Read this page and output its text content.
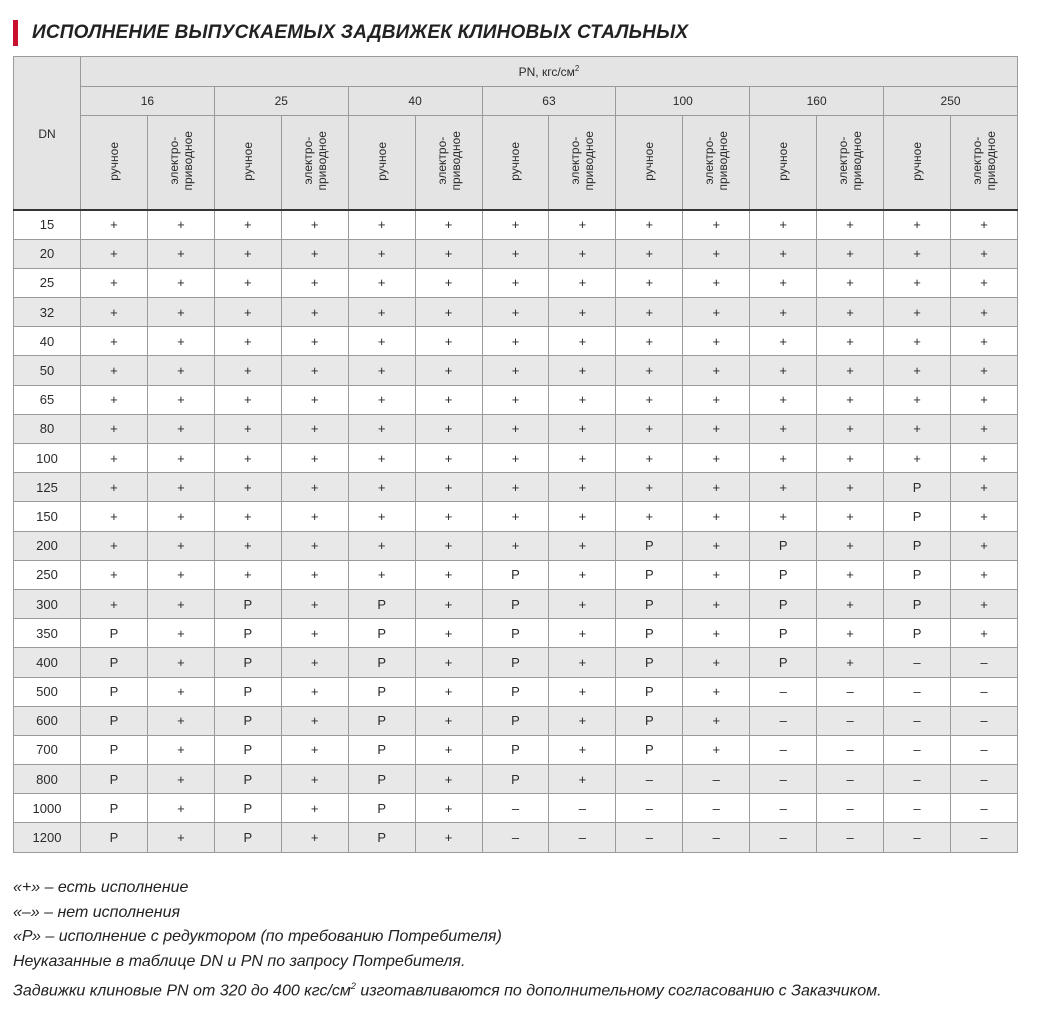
ИСПОЛНЕНИЕ ВЫПУСКАЕМЫХ ЗАДВИЖЕК КЛИНОВЫХ СТАЛЬНЫХ
DN	PN, кгс/$см^2$
	16		25		40		63		100		160		250	
	ручное	электро-
приводное	ручное	электро-
приводное	ручное	электро-
приводное	ручное	электро-
приводное	ручное	электро-
приводное	ручное	электро-
приводное	ручное	электро-
приводное
15	+	+	+	+	+	+	+	+	+	+	+	+	+	+
20	+	+	+	+	+	+	+	+	+	+	+	+	+	+
25	+	+	+	+	+	+	+	+	+	+	+	+	+	+
32	+	+	+	+	+	+	+	+	+	+	+	+	+	+
40	+	+	+	+	+	+	+	+	+	+	+	+	+	+
50	+	+	+	+	+	+	+	+	+	+	+	+	+	+
65	+	+	+	+	+	+	+	+	+	+	+	+	+	+
80	+	+	+	+	+	+	+	+	+	+	+	+	+	+
100	+	+	+	+	+	+	+	+	+	+	+	+	+	+
125	+	+	+	+	+	+	+	+	+	+	+	+	Р	+
150	+	+	+	+	+	+	+	+	+	+	+	+	Р	+
200	+	+	+	+	+	+	+	+	Р	+	Р	+	Р	+
250	+	+	+	+	+	+	Р	+	Р	+	Р	+	Р	+
300	+	+	Р	+	Р	+	Р	+	Р	+	Р	+	Р	+
350	Р	+	Р	+	Р	+	Р	+	Р	+	Р	+	Р	+
400	Р	+	Р	+	Р	+	Р	+	Р	+	Р	+	–	–
500	Р	+	Р	+	Р	+	Р	+	Р	+	–	–	–	–
600	Р	+	Р	+	Р	+	Р	+	Р	+	–	–	–	–
700	Р	+	Р	+	Р	+	Р	+	Р	+	–	–	–	–
800	Р	+	Р	+	Р	+	Р	+	–	–	–	–	–	–
1000	Р	+	Р	+	Р	+	–	–	–	–	–	–	–	–
1200	Р	+	Р	+	Р	+	–	–	–	–	–	–	–	–
«+» – есть исполнение
«–» – нет исполнения
«Р» – исполнение с редуктором (по требованию Потребителя)
Неуказанные в таблице DN и PN по запросу Потребителя.
Задвижки клиновые PN от 320 до 400 кгс/$см^2$ изготавливаются по дополнительному согласованию с Заказчиком.
